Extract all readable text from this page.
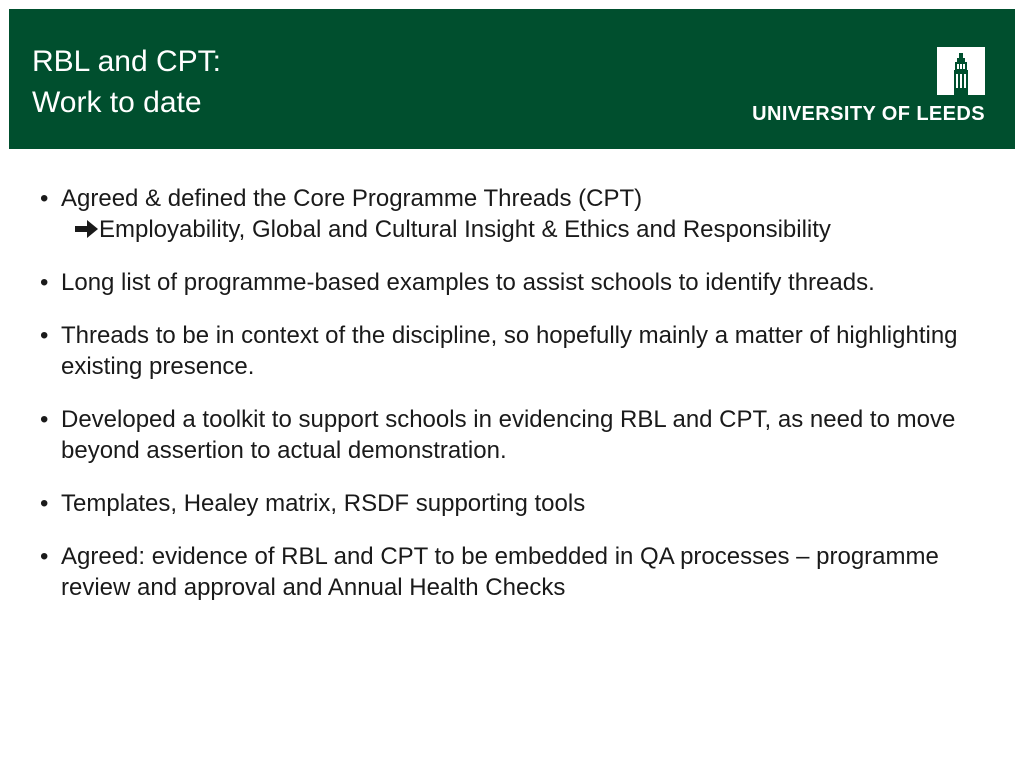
RBL and CPT:
Work to date	UNIVERSITY OF LEEDS
• Agreed & defined the Core Programme Threads (CPT)
Employability, Global and Cultural Insight & Ethics and Responsibility
• Long list of programme-based examples to assist schools to identify threads.
• Threads to be in context of the discipline, so hopefully mainly a matter of highlighting existing presence.
• Developed a toolkit to support schools in evidencing RBL and CPT, as need to move beyond assertion to actual demonstration.
• Templates, Healey matrix, RSDF supporting tools
• Agreed: evidence of RBL and CPT to be embedded in QA processes – programme review and approval and Annual Health Checks
